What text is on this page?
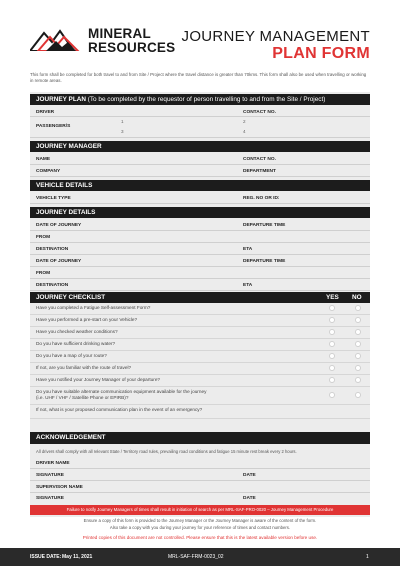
MINERAL
RESOURCES
JOURNEY MANAGEMENT
PLAN FORM
This form shall be completed for both travel to and from Site / Project where the travel distance is greater than 70kms. This form shall also be used when travelling or working in remote areas.
JOURNEY PLAN (To be completed by the requestor of person travelling to and from the Site / Project)
DRIVER	CONTACT NO.
PASSENGER/S
1	2
3	4
JOURNEY MANAGER
NAME	CONTACT NO.
COMPANY	DEPARTMENT
VEHICLE DETAILS
VEHICLE TYPE	REG. NO OR ID:
JOURNEY DETAILS
DATE OF JOURNEY	DEPARTURE TIME
FROM
DESTINATION	ETA
DATE OF JOURNEY	DEPARTURE TIME
FROM
DESTINATION	ETA
JOURNEY CHECKLIST	YES NO
Have you completed a Fatigue Self-assessment Form?
Have you performed a pre-start on your Vehicle?
Have you checked weather conditions?
Do you have sufficient drinking water?
Do you have a map of your route?
If not, are you familiar with the route of travel?
Have you notified your Journey Manager of your departure?
Do you have suitable alternate communication equipment available for the journey
(i.e. UHF / VHF / Satellite Phone or EPIRB)?
If not, what is your proposed communication plan in the event of an emergency?
ACKNOWLEDGEMENT
All drivers shall comply with all relevant State / Territory road rules, prevailing road conditions and fatigue 15 minute rest break every 2 hours.
DRIVER NAME
SIGNATURE	DATE
SUPERVISOR NAME
SIGNATURE	DATE
Failure to notify Journey Managers of times shall result in initiation of search as per MRL-SAF-PRO-0020 – Journey Management Procedure
Ensure a copy of this form is provided to the Journey Manager or the Journey Manager is aware of the content of the form.
Also take a copy with you during your journey for your reference of times and contact numbers.
Printed copies of this document are not controlled. Please ensure that this is the latest available version before use.
ISSUE DATE: May 11, 2021	MRL-SAF-FRM-0023_02	1
